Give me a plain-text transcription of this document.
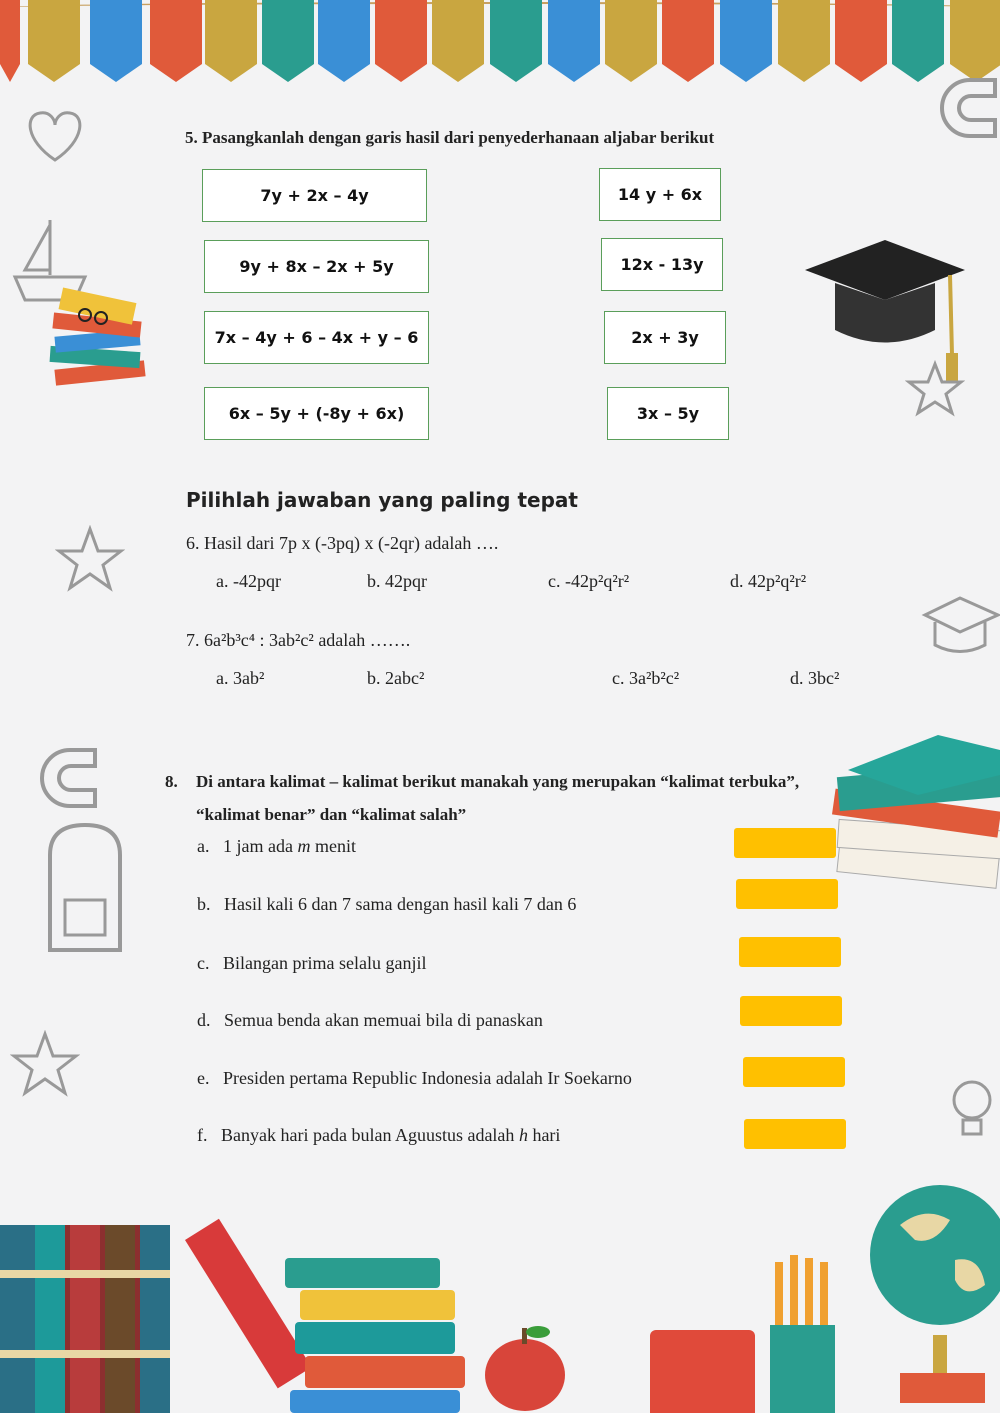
5. Pasangkanlah dengan garis hasil dari penyederhanaan aljabar berikut
7y + 2x – 4y
9y + 8x – 2x + 5y
7x – 4y + 6 – 4x + y – 6
6x – 5y + (-8y + 6x)
14 y + 6x
12x - 13y
2x + 3y
3x – 5y
Pilihlah jawaban yang paling tepat
6. Hasil dari 7p x (-3pq) x (-2qr) adalah ….
a. -42pqr	b. 42pqr	c. -42p²q²r²	d. 42p²q²r²
7. 6a²b³c⁴ : 3ab²c² adalah …….
a. 3ab²	b. 2abc²	c. 3a²b²c²	d. 3bc²
8. Di antara kalimat – kalimat berikut manakah yang merupakan “kalimat terbuka”,
“kalimat benar” dan “kalimat salah”
a. 1 jam ada m menit
b. Hasil kali 6 dan 7 sama dengan hasil kali 7 dan 6
c. Bilangan prima selalu ganjil
d. Semua benda akan memuai bila di panaskan
e. Presiden pertama Republic Indonesia adalah Ir Soekarno
f. Banyak hari pada bulan Aguustus adalah h hari
